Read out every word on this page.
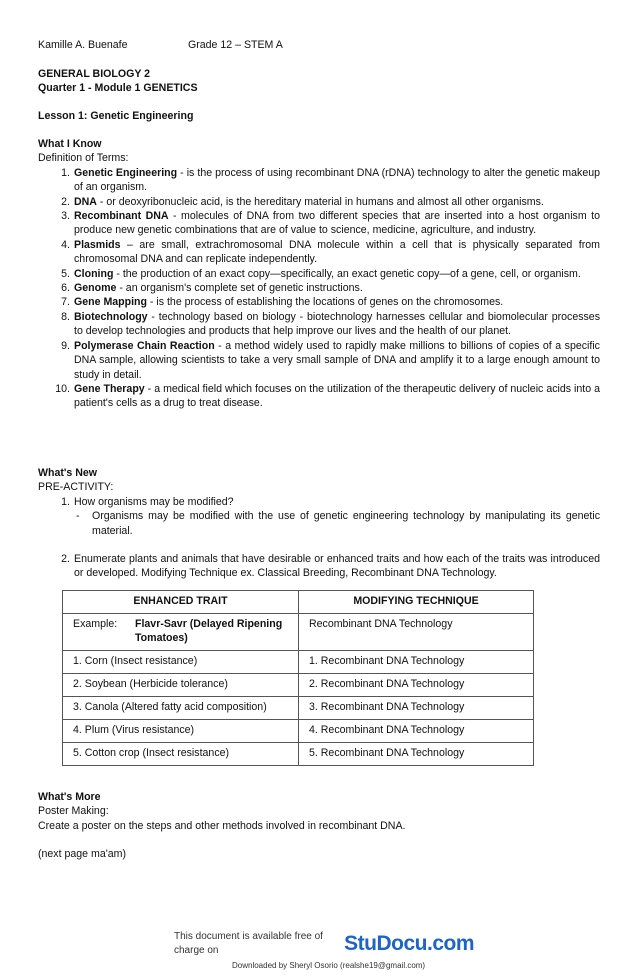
Kamille A. Buenafe	Grade 12 – STEM A
GENERAL BIOLOGY 2
Quarter 1 - Module 1 GENETICS
Lesson 1: Genetic Engineering
What I Know
Definition of Terms:
1. Genetic Engineering - is the process of using recombinant DNA (rDNA) technology to alter the genetic makeup of an organism.
2. DNA - or deoxyribonucleic acid, is the hereditary material in humans and almost all other organisms.
3. Recombinant DNA - molecules of DNA from two different species that are inserted into a host organism to produce new genetic combinations that are of value to science, medicine, agriculture, and industry.
4. Plasmids – are small, extrachromosomal DNA molecule within a cell that is physically separated from chromosomal DNA and can replicate independently.
5. Cloning - the production of an exact copy—specifically, an exact genetic copy—of a gene, cell, or organism.
6. Genome - an organism's complete set of genetic instructions.
7. Gene Mapping - is the process of establishing the locations of genes on the chromosomes.
8. Biotechnology - technology based on biology - biotechnology harnesses cellular and biomolecular processes to develop technologies and products that help improve our lives and the health of our planet.
9. Polymerase Chain Reaction - a method widely used to rapidly make millions to billions of copies of a specific DNA sample, allowing scientists to take a very small sample of DNA and amplify it to a large enough amount to study in detail.
10. Gene Therapy - a medical field which focuses on the utilization of the therapeutic delivery of nucleic acids into a patient's cells as a drug to treat disease.
What's New
PRE-ACTIVITY:
1. How organisms may be modified?
- Organisms may be modified with the use of genetic engineering technology by manipulating its genetic material.
2. Enumerate plants and animals that have desirable or enhanced traits and how each of the traits was introduced or developed. Modifying Technique ex. Classical Breeding, Recombinant DNA Technology.
ENHANCED TRAIT	MODIFYING TECHNIQUE

Example: Flavr-Savr (Delayed Ripening Tomatoes)	Recombinant DNA Technology
1. Corn (Insect resistance)	1. Recombinant DNA Technology
2. Soybean (Herbicide tolerance)	2. Recombinant DNA Technology
3. Canola (Altered fatty acid composition)	3. Recombinant DNA Technology
4. Plum (Virus resistance)	4. Recombinant DNA Technology
5. Cotton crop (Insect resistance)	5. Recombinant DNA Technology
What's More
Poster Making:
Create a poster on the steps and other methods involved in recombinant DNA.
(next page ma'am)
This document is available free of charge on	StuDocu.com
Downloaded by Sheryl Osorio (realshe19@gmail.com)
